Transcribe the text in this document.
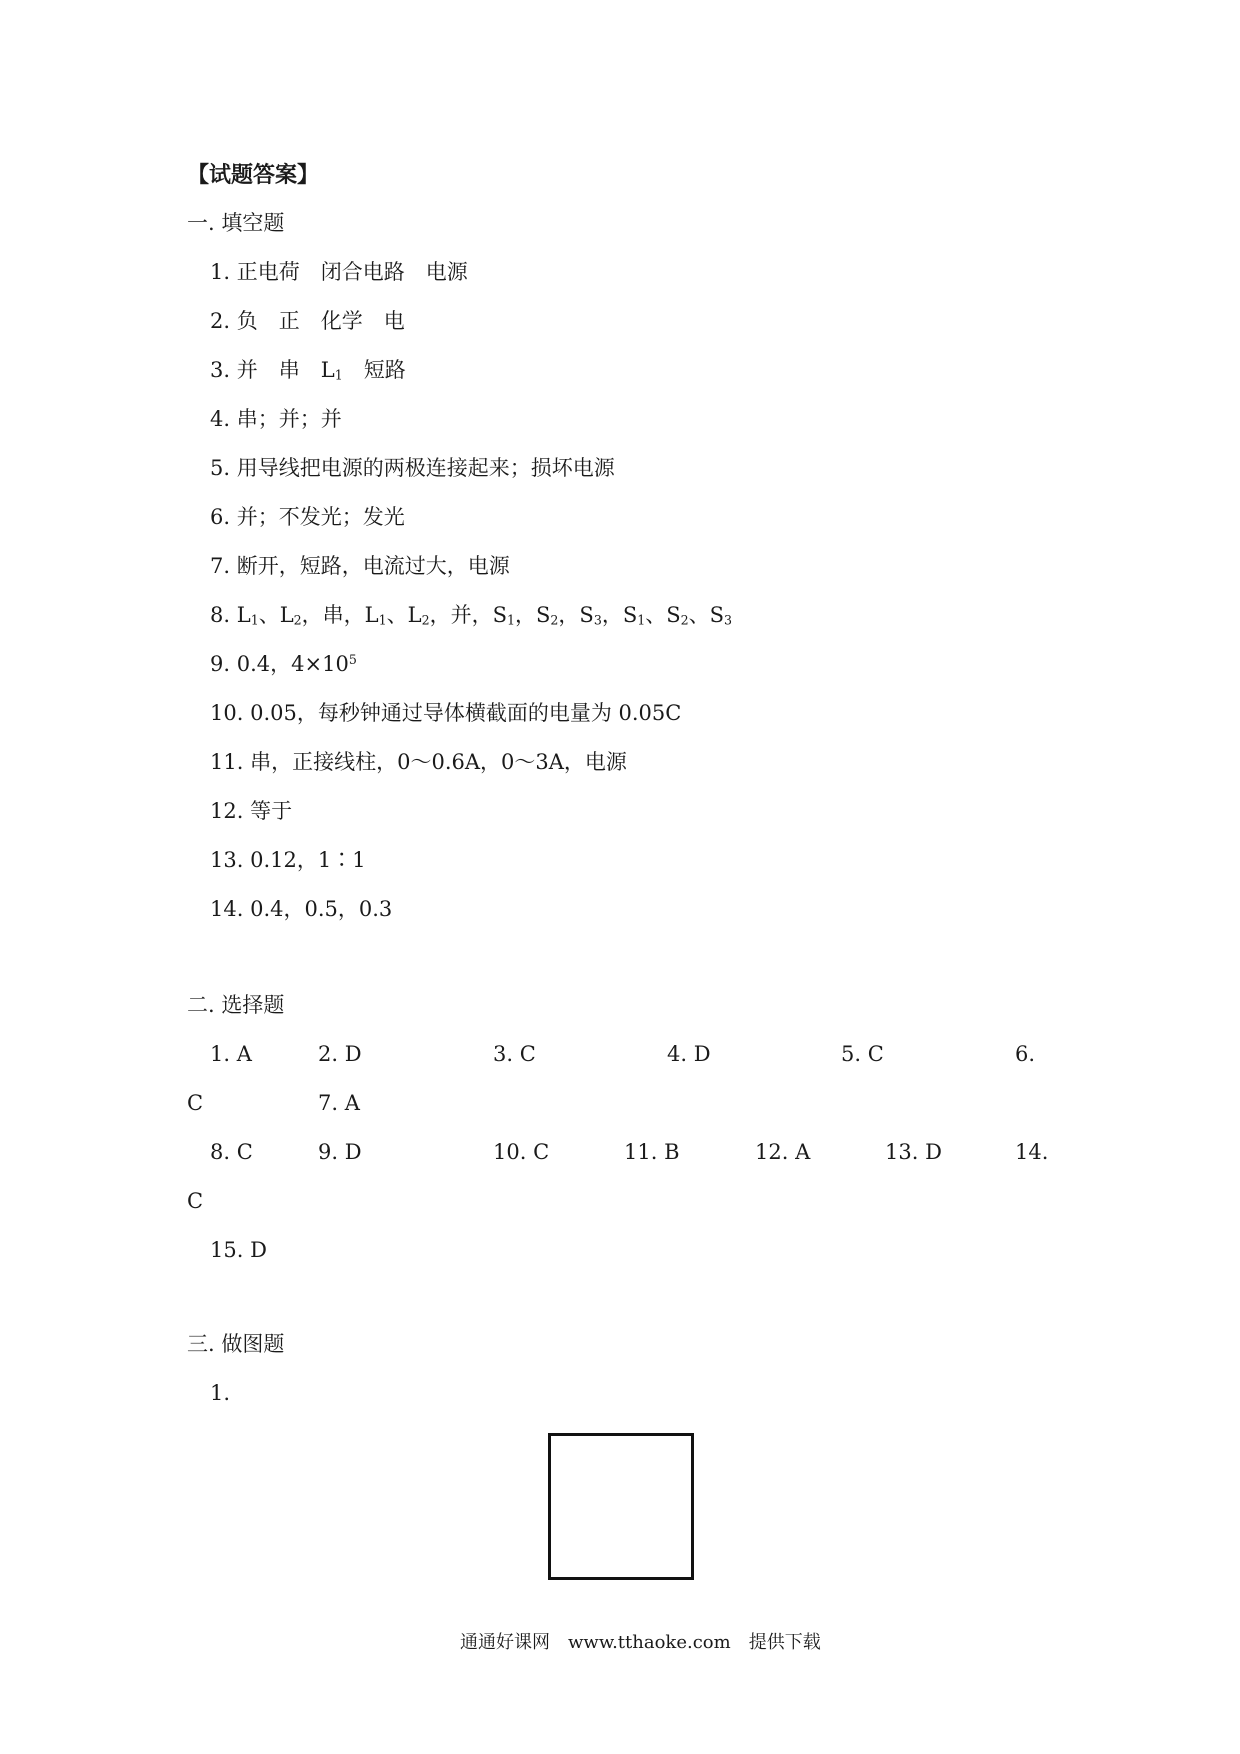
【试题答案】
一. 填空题
1. 正电荷　闭合电路　电源
2. 负　正　化学　电
3. 并　串　$L_1$　 短路
4. 串；并；并
5. 用导线把电源的两极连接起来；损坏电源
6. 并；不发光；发光
7. 断开，短路，电流过大，电源
8. $L_1$、$L_2$，串，$L_1$、$L_2$，并，$S_1$，$S_2$，$S_3$，$S_1$、$S_2$、$S_3$
9. 0.4，$4\times 10^5$
10. 0.05，每秒钟通过导体横截面的电量为 0.05C
11. 串，正接线柱，0～0.6A，0～3A，电源
12. 等于
13. 0.12，1∶1
14. 0.4，0.5，0.3
二. 选择题
1. A	2. D	3. C	4. D	5. C	6.
C	7. A
8. C	9. D	10. C	11. B	12. A	13. D	14.
C
15. D
三. 做图题
1.
通通好课网　www.tthaoke.com　提供下载
